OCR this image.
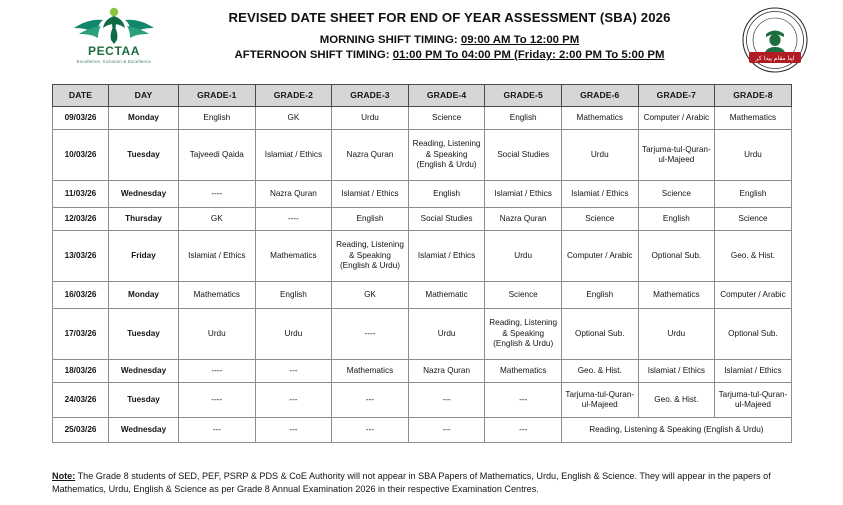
PECTAA
Excellence, Inclusion & Excellence
REVISED DATE SHEET FOR END OF YEAR ASSESSMENT (SBA) 2026
MORNING SHIFT TIMING: 09:00 AM To 12:00 PM
AFTERNOON SHIFT TIMING: 01:00 PM To 04:00 PM (Friday: 2:00 PM To 5:00 PM	اپنا مقام پیدا کر
DATE	DAY	GRADE-1	GRADE-2	GRADE-3	GRADE-4	GRADE-5	GRADE-6	GRADE-7	GRADE-8
09/03/26	Monday	English	GK	Urdu	Science	English	Mathematics	Computer / Arabic	Mathematics
10/03/26	Tuesday	Tajveedi Qaida	Islamiat / Ethics	Nazra Quran	Reading, Listening & Speaking (English & Urdu)	Social Studies	Urdu	Tarjuma-tul-Quran-ul-Majeed	Urdu
11/03/26	Wednesday	----	Nazra Quran	Islamiat / Ethics	English	Islamiat / Ethics	Islamiat / Ethics	Science	English
12/03/26	Thursday	GK	----	English	Social Studies	Nazra Quran	Science	English	Science
13/03/26	Friday	Islamiat / Ethics	Mathematics	Reading, Listening & Speaking (English & Urdu)	Islamiat / Ethics	Urdu	Computer / Arabic	Optional Sub.	Geo. & Hist.
16/03/26	Monday	Mathematics	English	GK	Mathematic	Science	English	Mathematics	Computer / Arabic
17/03/26	Tuesday	Urdu	Urdu	----	Urdu	Reading, Listening & Speaking (English & Urdu)	Optional Sub.	Urdu	Optional Sub.
18/03/26	Wednesday	----	---	Mathematics	Nazra Quran	Mathematics	Geo. & Hist.	Islamiat / Ethics	Islamiat / Ethics
24/03/26	Tuesday	----	---	---	---	---	Tarjuma-tul-Quran-ul-Majeed	Geo. & Hist.	Tarjuma-tul-Quran-ul-Majeed
25/03/26	Wednesday	---	---	---	---	---	Reading, Listening & Speaking (English & Urdu)		
Note: The Grade 8 students of SED, PEF, PSRP & PDS & CoE Authority will not appear in SBA Papers of Mathematics, Urdu, English & Science. They will appear in the papers of Mathematics, Urdu, English & Science as per Grade 8 Annual Examination 2026 in their respective Examination Centres.
